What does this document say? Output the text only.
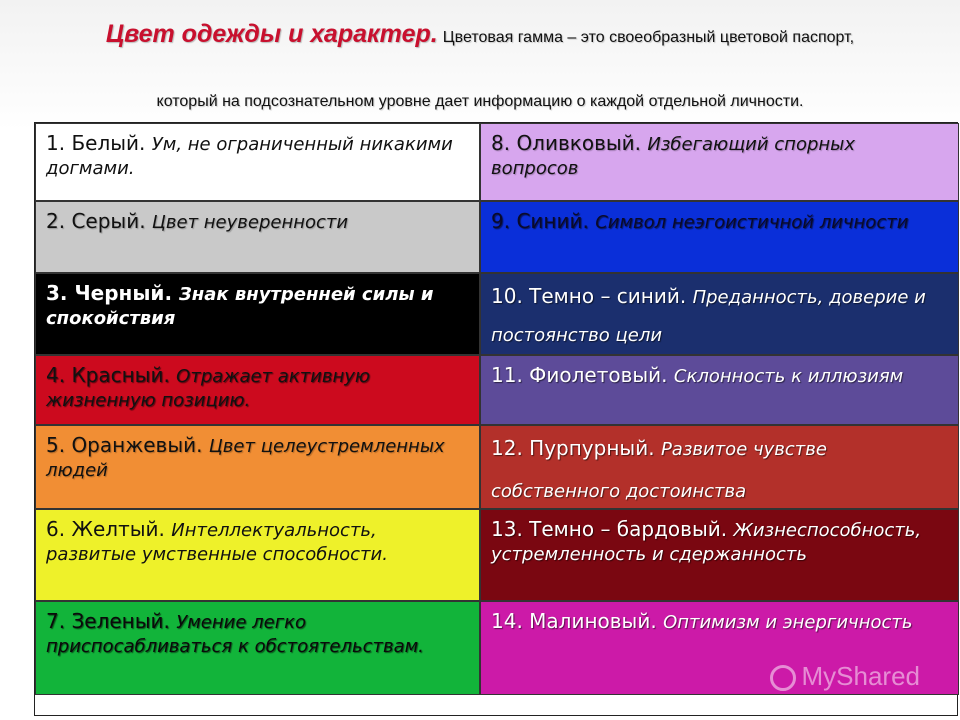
Цвет одежды и характер. Цветовая гамма – это своеобразный цветовой паспорт,
который на подсознательном уровне дает информацию о каждой отдельной личности.
1. Белый. Ум, не ограниченный никакими догмами.
8. Оливковый. Избегающий спорных вопросов
2. Серый. Цвет неуверенности	9. Синий. Символ неэгоистичной личности
3. Черный. Знак внутренней силы и спокойствия
10. Темно – синий. Преданность, доверие и постоянство цели
4. Красный. Отражает активную жизненную позицию.
11. Фиолетовый. Склонность к иллюзиям
5. Оранжевый. Цвет целеустремленных людей
12. Пурпурный. Развитое чувстве собственного достоинства
6. Желтый. Интеллектуальность, развитые умственные способности.
13. Темно – бардовый. Жизнеспособность, устремленность и сдержанность
7. Зеленый. Умение легко приспосабливаться к обстоятельствам.
14. Малиновый. Оптимизм и энергичность
MyShared
